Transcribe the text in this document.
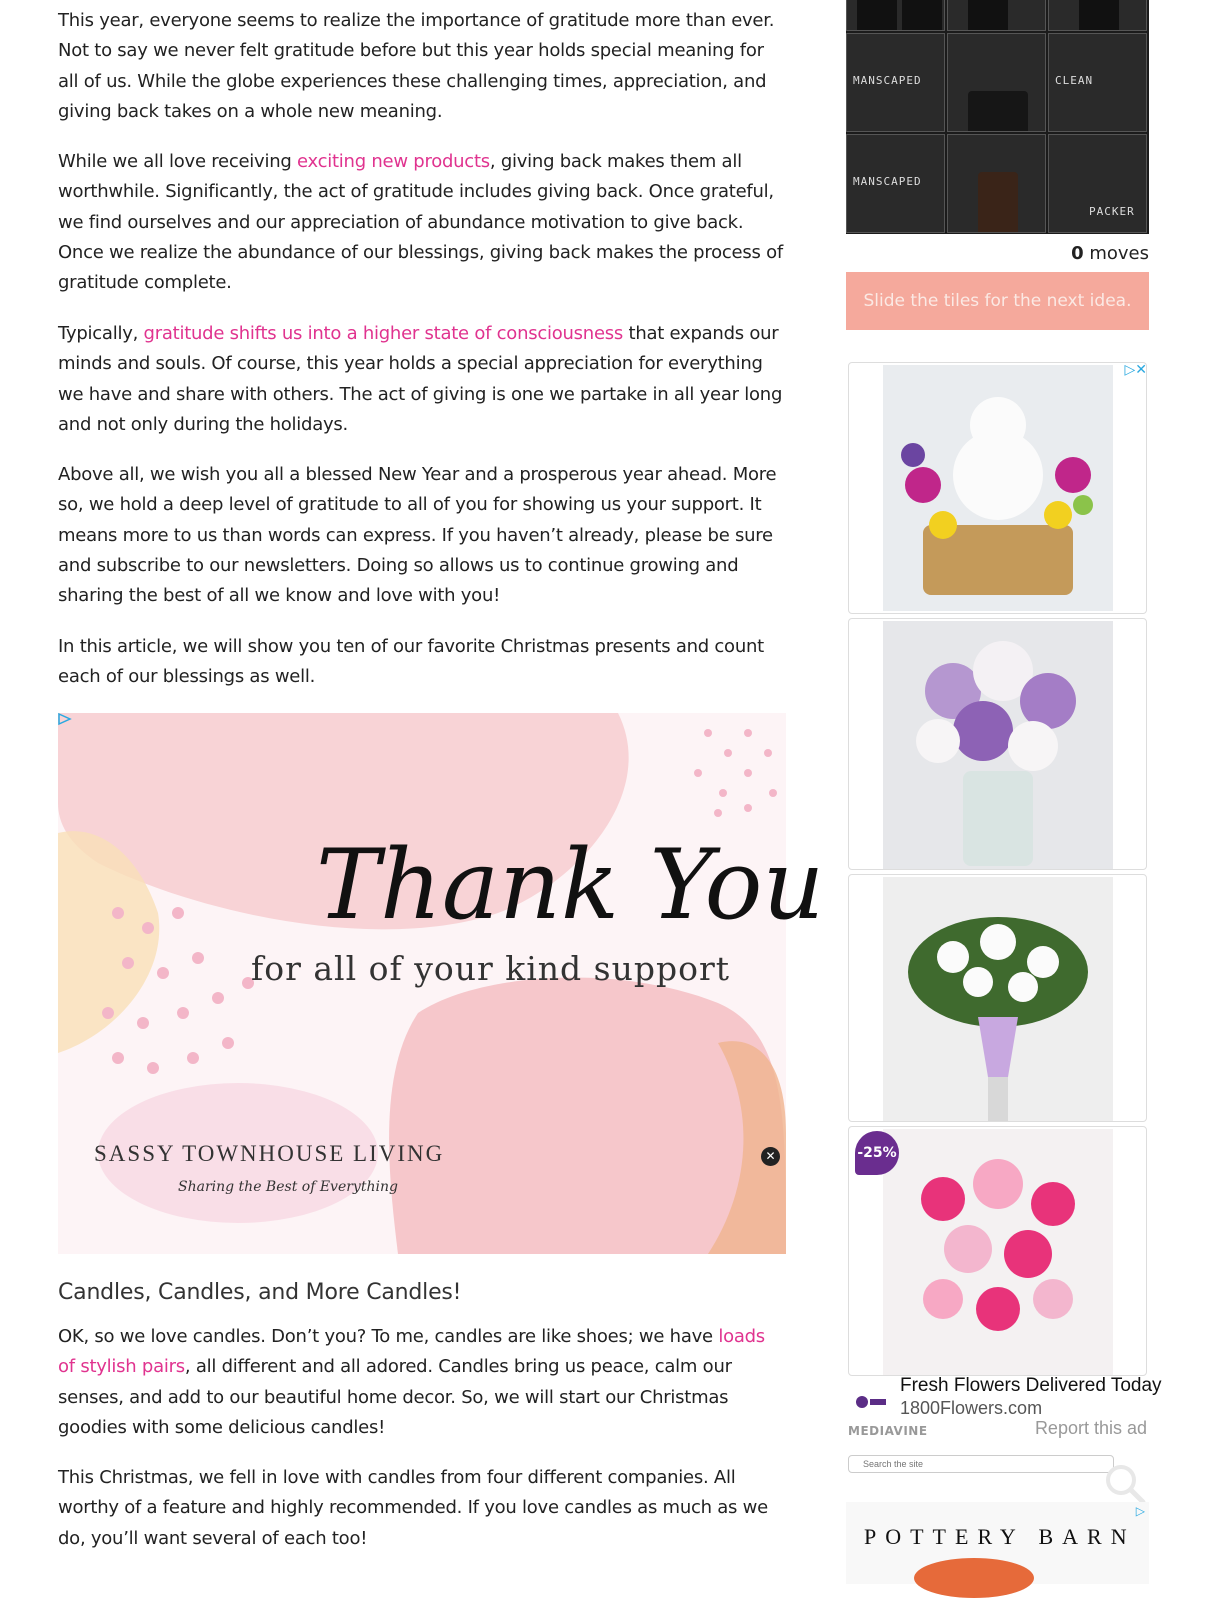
This year, everyone seems to realize the importance of gratitude more than ever. Not to say we never felt gratitude before but this year holds special meaning for all of us. While the globe experiences these challenging times, appreciation, and giving back takes on a whole new meaning.

While we all love receiving exciting new products, giving back makes them all worthwhile. Significantly, the act of gratitude includes giving back. Once grateful, we find ourselves and our appreciation of abundance motivation to give back. Once we realize the abundance of our blessings, giving back makes the process of gratitude complete.

Typically, gratitude shifts us into a higher state of consciousness that expands our minds and souls. Of course, this year holds a special appreciation for everything we have and share with others. The act of giving is one we partake in all year long and not only during the holidays.

Above all, we wish you all a blessed New Year and a prosperous year ahead. More so, we hold a deep level of gratitude to all of you for showing us your support. It means more to us than words can express. If you haven’t already, please be sure and subscribe to our newsletters. Doing so allows us to continue growing and sharing the best of all we know and love with you!

In this article, we will show you ten of our favorite Christmas presents and count each of our blessings as well.

Thank You
for all of your kind support
SASSY TOWNHOUSE LIVING
Sharing the Best of Everything
✕
Candles, Candles, and More Candles!

OK, so we love candles. Don’t you? To me, candles are like shoes; we have loads of stylish pairs, all different and all adored. Candles bring us peace, calm our senses, and add to our beautiful home decor. So, we will start our Christmas goodies with some delicious candles!

This Christmas, we fell in love with candles from four different companies. All worthy of a feature and highly recommended. If you love candles as much as we do, you’ll want several of each too!

MANSCAPED	CLEAN
MANSCAPED
PACKER
0 moves
Slide the tiles for the next idea.
▷✕
-25%
Fresh Flowers Delivered Today
1800Flowers.com
MEDIAVINE	Report this ad
Search the site
▷
POTTERY BARN
